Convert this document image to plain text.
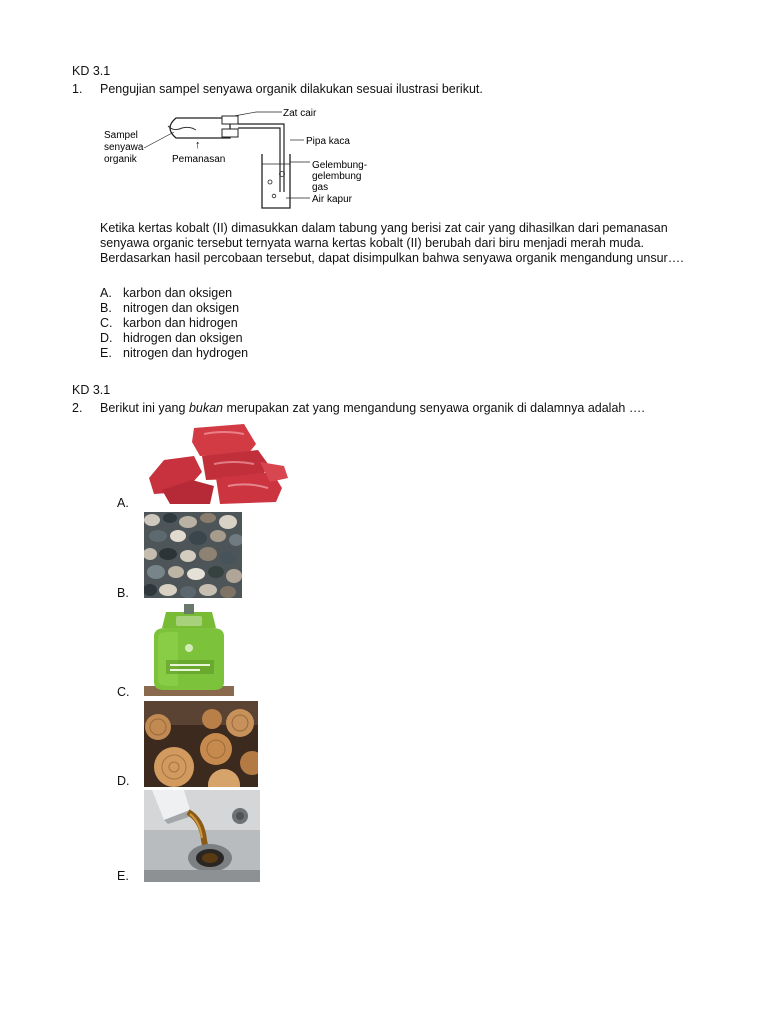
KD 3.1
1.	Pengujian sampel senyawa organik dilakukan sesuai ilustrasi berikut.
Zat cair
Sampel
senyawa
organik
↑
Pemanasan
Pipa kaca
Gelembung-
gelembung
gas
Air kapur
Ketika kertas kobalt (II) dimasukkan dalam tabung yang berisi zat cair yang dihasilkan dari pemanasan senyawa organic tersebut ternyata warna kertas kobalt (II) berubah dari biru menjadi merah muda. Berdasarkan hasil percobaan tersebut, dapat disimpulkan bahwa senyawa organik mengandung unsur….
A. karbon dan oksigen
B. nitrogen dan oksigen
C. karbon dan hidrogen
D. hidrogen dan oksigen
E. nitrogen dan hydrogen
KD 3.1
2.	Berikut ini yang bukan merupakan zat yang mengandung senyawa organik di dalamnya adalah ….
A.
B.
C.
D.
E.
